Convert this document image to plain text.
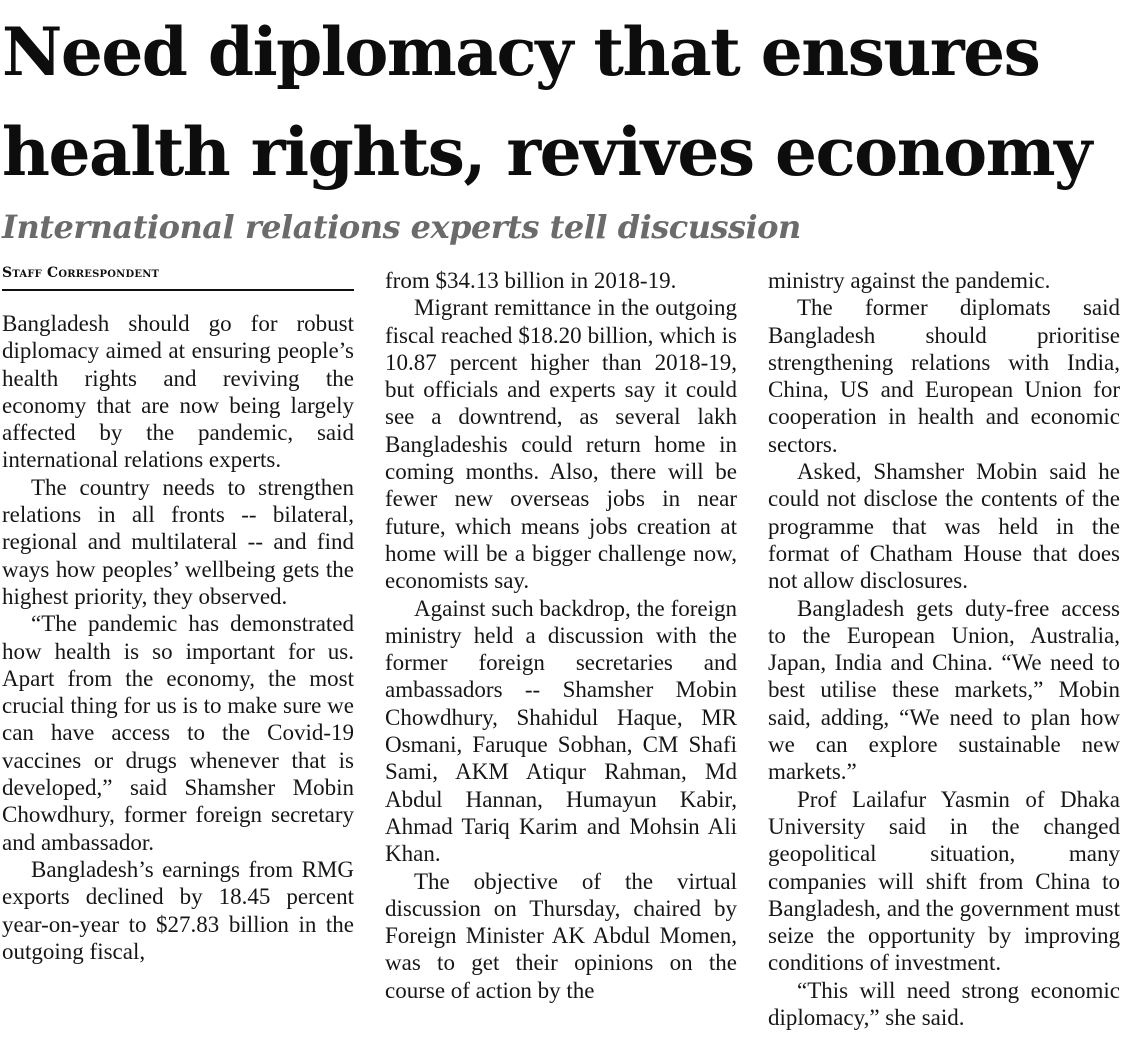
Need diplomacy that ensures
health rights, revives economy
International relations experts tell discussion
Staff Correspondent

Bangladesh should go for robust diplomacy aimed at ensuring people’s health rights and reviving the economy that are now being largely affected by the pandemic, said international relations experts.

The country needs to strengthen relations in all fronts -- bilateral, regional and multilateral -- and find ways how peoples’ wellbeing gets the highest priority, they observed.

“The pandemic has demonstrated how health is so important for us. Apart from the economy, the most crucial thing for us is to make sure we can have access to the Covid-19 vaccines or drugs whenever that is developed,” said Shamsher Mobin Chowdhury, former foreign secretary and ambassador.

Bangladesh’s earnings from RMG exports declined by 18.45 percent year-on-year to $27.83 billion in the outgoing fiscal,

from $34.13 billion in 2018-19.

Migrant remittance in the outgoing fiscal reached $18.20 billion, which is 10.87 percent higher than 2018-19, but officials and experts say it could see a downtrend, as several lakh Bangladeshis could return home in coming months. Also, there will be fewer new overseas jobs in near future, which means jobs creation at home will be a bigger challenge now, economists say.

Against such backdrop, the foreign ministry held a discussion with the former foreign secretaries and ambassadors -- Shamsher Mobin Chowdhury, Shahidul Haque, MR Osmani, Faruque Sobhan, CM Shafi Sami, AKM Atiqur Rahman, Md Abdul Hannan, Humayun Kabir, Ahmad Tariq Karim and Mohsin Ali Khan.

The objective of the virtual discussion on Thursday, chaired by Foreign Minister AK Abdul Momen, was to get their opinions on the course of action by the

ministry against the pandemic.

The former diplomats said Bangladesh should prioritise strengthening relations with India, China, US and European Union for cooperation in health and economic sectors.

Asked, Shamsher Mobin said he could not disclose the contents of the programme that was held in the format of Chatham House that does not allow disclosures.

Bangladesh gets duty-free access to the European Union, Australia, Japan, India and China. “We need to best utilise these markets,” Mobin said, adding, “We need to plan how we can explore sustainable new markets.”

Prof Lailafur Yasmin of Dhaka University said in the changed geopolitical situation, many companies will shift from China to Bangladesh, and the government must seize the opportunity by improving conditions of investment.

“This will need strong economic diplomacy,” she said.
